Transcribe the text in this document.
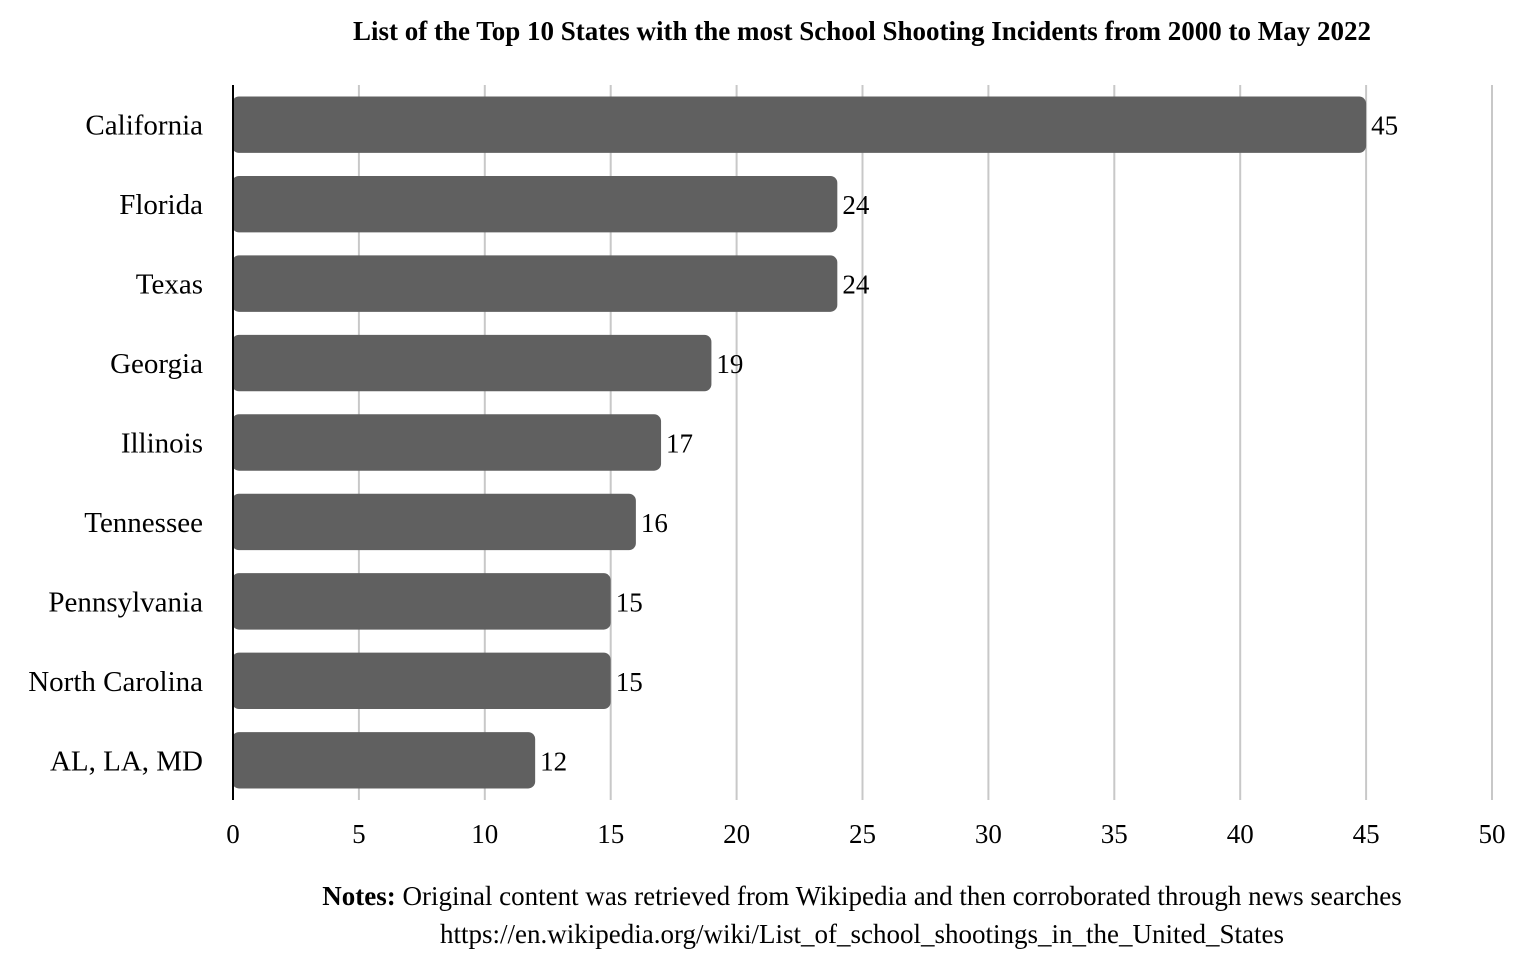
List of the Top 10 States with the most School Shooting Incidents from 2000 to May 2022
California
Florida
Texas
Georgia
Illinois
Tennessee
Pennsylvania
North Carolina
AL, LA, MD
0	5	10	15	20	25	30	35	40	45	50
45
24
24
19
17
16
15
15
12
Notes: Original content was retrieved from Wikipedia and then corroborated through news searches
https://en.wikipedia.org/wiki/List_of_school_shootings_in_the_United_States
